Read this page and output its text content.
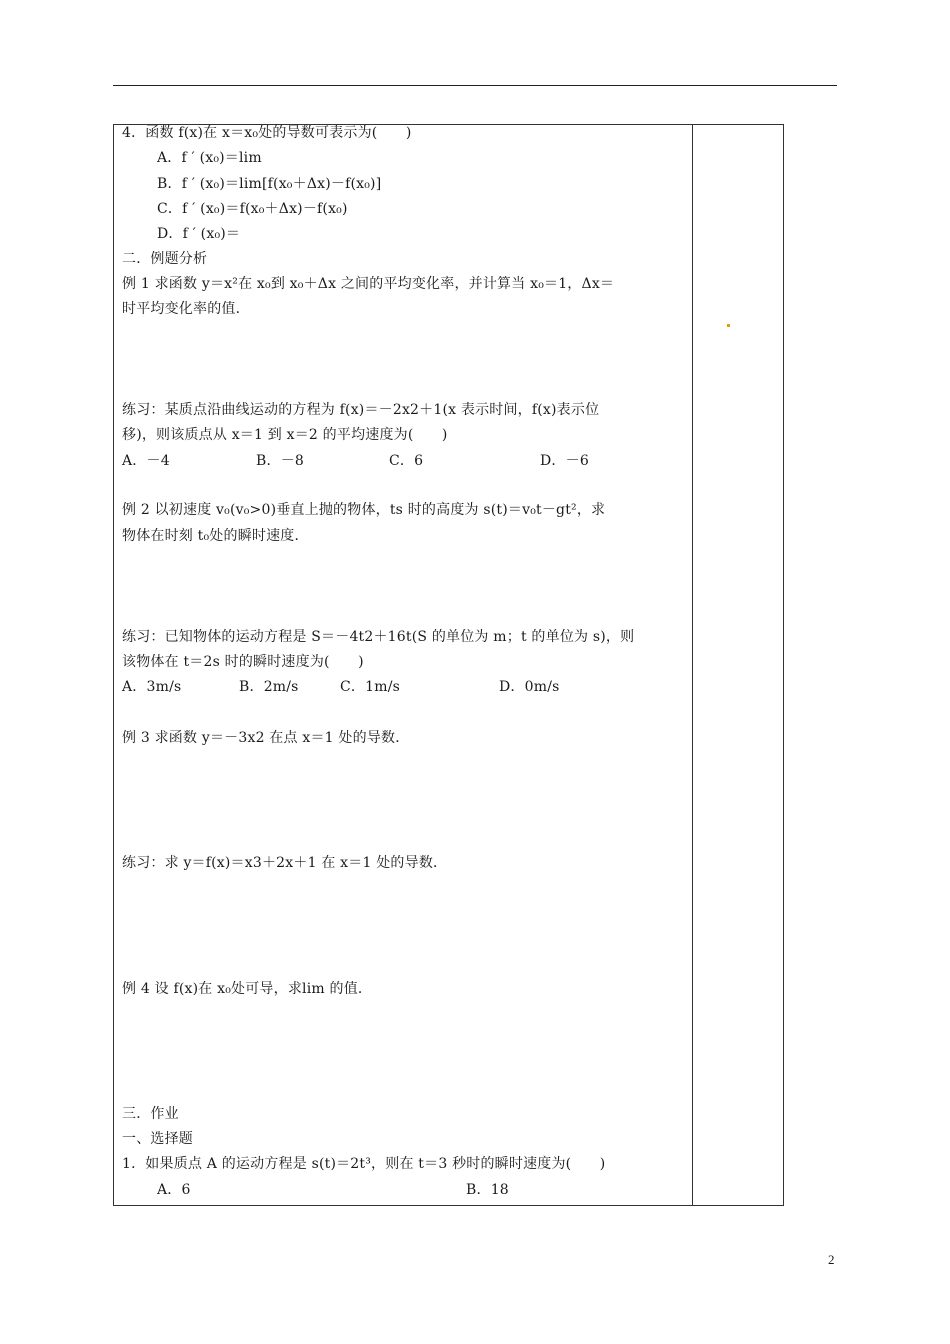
4．函数 f(x)在 x＝x₀处的导数可表示为(　　)
A．f ′ (x₀)＝lim
B．f ′ (x₀)＝lim[f(x₀＋Δx)－f(x₀)]
C．f ′ (x₀)＝f(x₀＋Δx)－f(x₀)
D．f ′ (x₀)＝
二．例题分析
例 1 求函数 y＝x²在 x₀到 x₀＋Δx 之间的平均变化率，并计算当 x₀＝1，Δx＝
时平均变化率的值．
练习：某质点沿曲线运动的方程为 f(x)＝－2x2＋1(x 表示时间，f(x)表示位
移)，则该质点从 x＝1 到 x＝2 的平均速度为(　　)
A．－4	B．－8	C．6	D．－6
例 2 以初速度 v₀(v₀>0)垂直上抛的物体，ts 时的高度为 s(t)＝v₀t－gt²，求
物体在时刻 t₀处的瞬时速度．
练习：已知物体的运动方程是 S＝－4t2＋16t(S 的单位为 m；t 的单位为 s)，则
该物体在 t＝2s 时的瞬时速度为(　　)
A．3m/s	B．2m/s	C．1m/s	D．0m/s
例 3 求函数 y＝－3x2 在点 x＝1 处的导数．
练习：求 y＝f(x)＝x3＋2x＋1 在 x＝1 处的导数．
例 4 设 f(x)在 x₀处可导，求lim 的值．
三．作业
一、选择题
1．如果质点 A 的运动方程是 s(t)＝2t³，则在 t＝3 秒时的瞬时速度为(　　)
A．6	B．18
2
